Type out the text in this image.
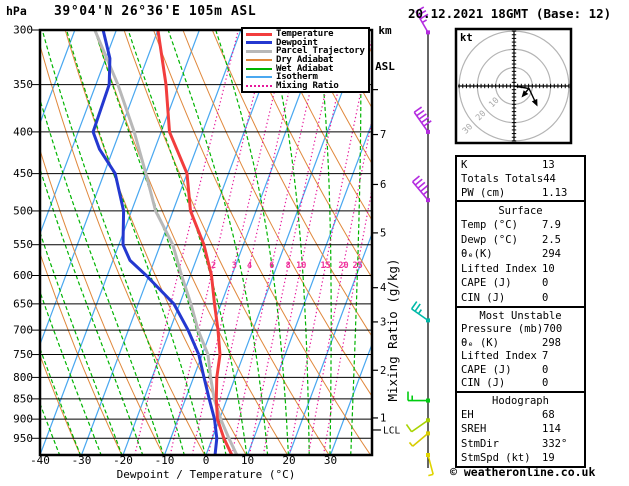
2 3 4 6 8 10 15 20 25
300
350
400
450
500
550
600
650
700
750
800
850
900
950
-40 -30 -20 -10	0	10	20	30
Dewpoint / Temperature (°C)
7
6
5
4
3
2
1
LCL
Mixing Ratio (g/kg)
10
20
30
kt
hPa 39°04'N 26°36'E 105m ASL	20.12.2021 18GMT (Base: 12)

km

ASL

Temperature
Dewpoint
Parcel Trajectory
Dry Adiabat
Wet Adiabat
Isotherm
Mixing Ratio
K	13
Totals Totals 44
PW (cm)	1.13
Surface
Temp (°C)	7.9
Dewp (°C)	2.5
θₑ(K)	294
Lifted Index 10
CAPE (J)	0
CIN (J)	0
Most Unstable
Pressure (mb) 700
θₑ (K)	298
Lifted Index 7
CAPE (J)	0
CIN (J)	0
Hodograph
EH	68
SREH	114
StmDir	332°
StmSpd (kt)	19
© weatheronline.co.uk
